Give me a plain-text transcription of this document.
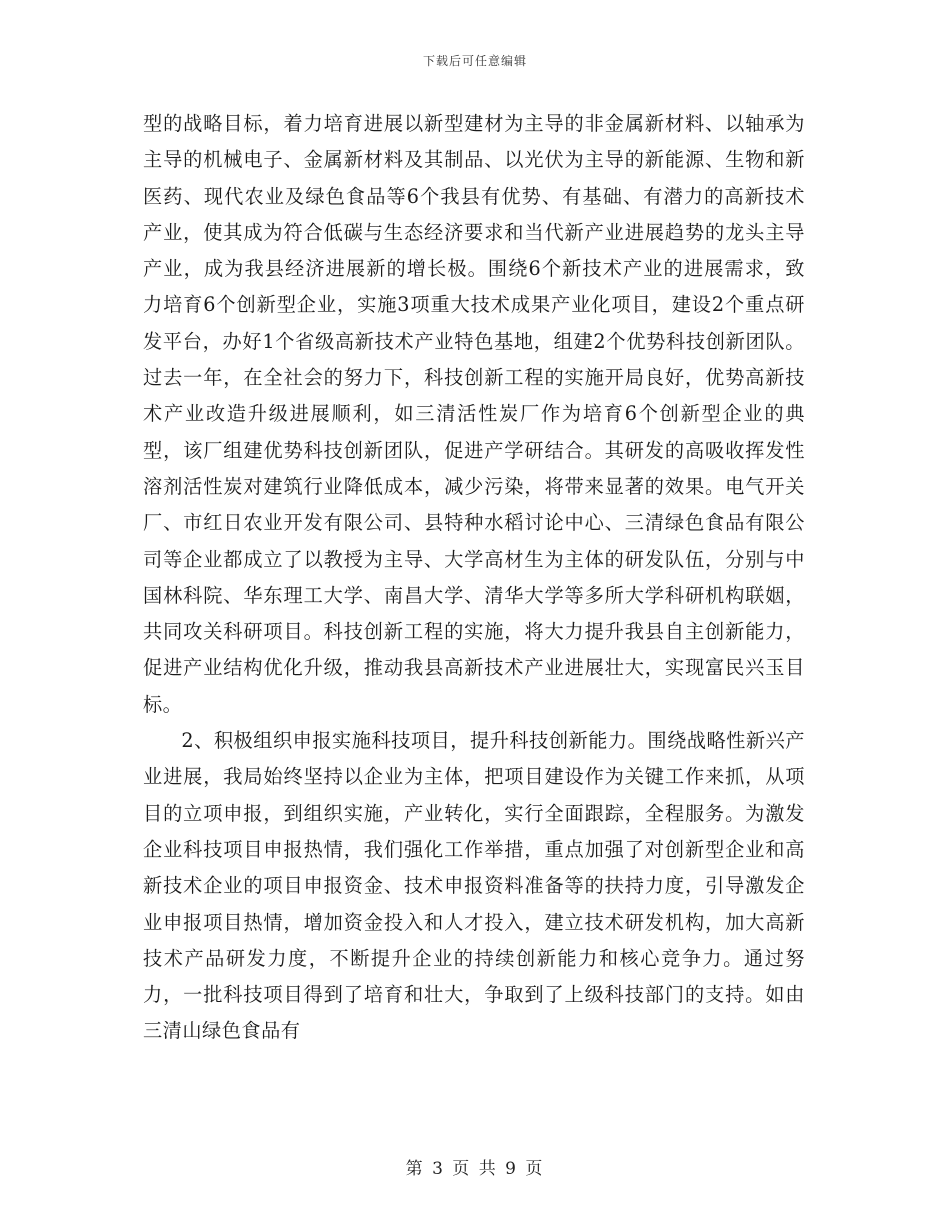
下载后可任意编辑

型的战略目标，着力培育进展以新型建材为主导的非金属新材料、以轴承为主导的机械电子、金属新材料及其制品、以光伏为主导的新能源、生物和新医药、现代农业及绿色食品等6个我县有优势、有基础、有潜力的高新技术产业，使其成为符合低碳与生态经济要求和当代新产业进展趋势的龙头主导产业，成为我县经济进展新的增长极。围绕6个新技术产业的进展需求，致力培育6个创新型企业，实施3项重大技术成果产业化项目，建设2个重点研发平台，办好1个省级高新技术产业特色基地，组建2个优势科技创新团队。过去一年，在全社会的努力下，科技创新工程的实施开局良好，优势高新技术产业改造升级进展顺利，如三清活性炭厂作为培育6个创新型企业的典型，该厂组建优势科技创新团队，促进产学研结合。其研发的高吸收挥发性溶剂活性炭对建筑行业降低成本，减少污染，将带来显著的效果。电气开关厂、市红日农业开发有限公司、县特种水稻讨论中心、三清绿色食品有限公司等企业都成立了以教授为主导、大学高材生为主体的研发队伍，分别与中国林科院、华东理工大学、南昌大学、清华大学等多所大学科研机构联姻，共同攻关科研项目。科技创新工程的实施，将大力提升我县自主创新能力，促进产业结构优化升级，推动我县高新技术产业进展壮大，实现富民兴玉目标。

2、积极组织申报实施科技项目，提升科技创新能力。围绕战略性新兴产业进展，我局始终坚持以企业为主体，把项目建设作为关键工作来抓，从项目的立项申报，到组织实施，产业转化，实行全面跟踪，全程服务。为激发企业科技项目申报热情，我们强化工作举措，重点加强了对创新型企业和高新技术企业的项目申报资金、技术申报资料准备等的扶持力度，引导激发企业申报项目热情，增加资金投入和人才投入，建立技术研发机构，加大高新技术产品研发力度，不断提升企业的持续创新能力和核心竞争力。通过努力，一批科技项目得到了培育和壮大，争取到了上级科技部门的支持。如由三清山绿色食品有

第 3 页 共 9 页
